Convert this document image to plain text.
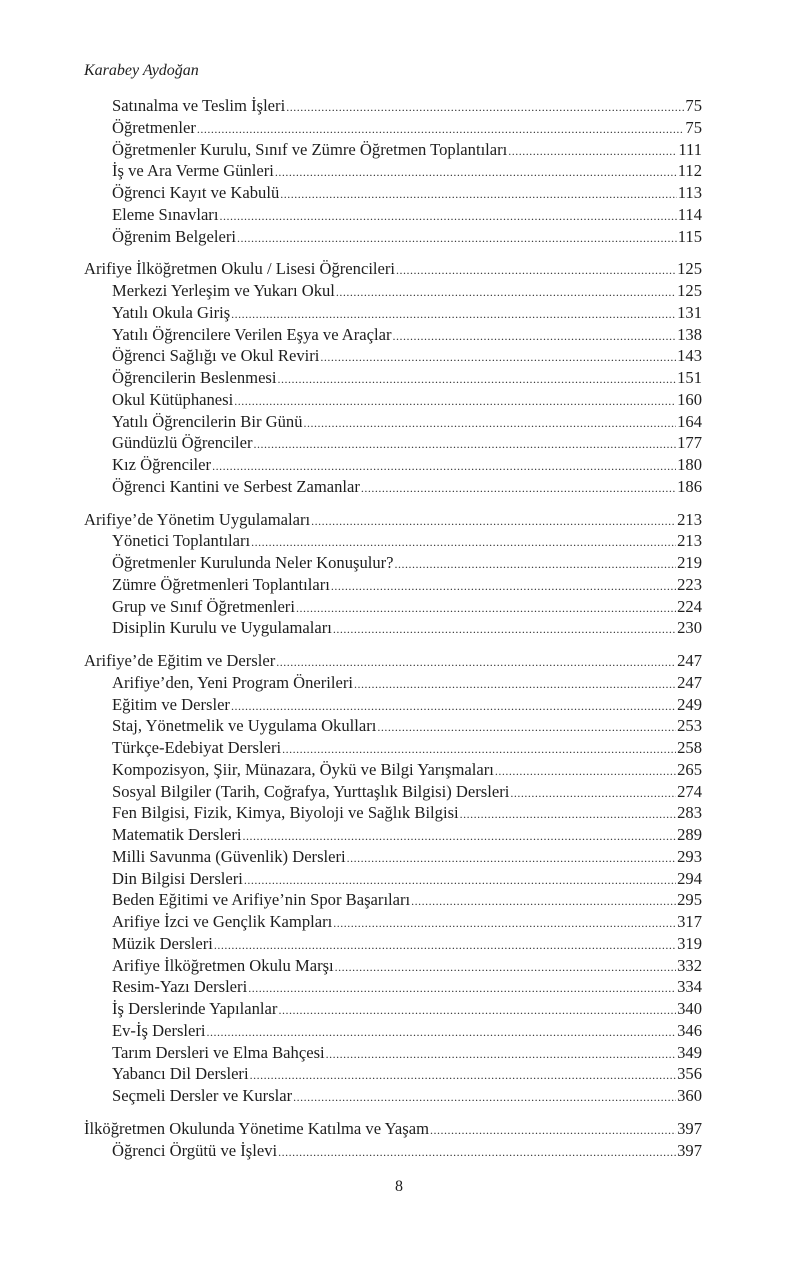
Karabey Aydoğan
Satınalma ve Teslim İşleri .....	75
Öğretmenler .....	75
Öğretmenler Kurulu, Sınıf ve Zümre Öğretmen Toplantıları .....	111
İş ve Ara Verme Günleri .....	112
Öğrenci Kayıt ve Kabulü .....	113
Eleme Sınavları .....	114
Öğrenim Belgeleri .....	115
Arifiye İlköğretmen Okulu / Lisesi Öğrencileri .....	125
Merkezi Yerleşim ve Yukarı Okul .....	125
Yatılı Okula Giriş .....	131
Yatılı Öğrencilere Verilen Eşya ve Araçlar .....	138
Öğrenci Sağlığı ve Okul Reviri .....	143
Öğrencilerin Beslenmesi .....	151
Okul Kütüphanesi .....	160
Yatılı Öğrencilerin Bir Günü .....	164
Gündüzlü Öğrenciler .....	177
Kız Öğrenciler .....	180
Öğrenci Kantini ve Serbest Zamanlar .....	186
Arifiye’de Yönetim Uygulamaları .....	213
Yönetici Toplantıları .....	213
Öğretmenler Kurulunda Neler Konuşulur? .....	219
Zümre Öğretmenleri Toplantıları .....	223
Grup ve Sınıf Öğretmenleri .....	224
Disiplin Kurulu ve Uygulamaları .....	230
Arifiye’de Eğitim ve Dersler .....	247
Arifiye’den, Yeni Program Önerileri .....	247
Eğitim ve Dersler .....	249
Staj, Yönetmelik ve Uygulama Okulları .....	253
Türkçe-Edebiyat Dersleri .....	258
Kompozisyon, Şiir, Münazara, Öykü ve Bilgi Yarışmaları .....	265
Sosyal Bilgiler (Tarih, Coğrafya, Yurttaşlık Bilgisi) Dersleri .....	274
Fen Bilgisi, Fizik, Kimya, Biyoloji ve Sağlık Bilgisi .....	283
Matematik Dersleri .....	289
Milli Savunma (Güvenlik) Dersleri .....	293
Din Bilgisi Dersleri .....	294
Beden Eğitimi ve Arifiye’nin Spor Başarıları .....	295
Arifiye İzci ve Gençlik Kampları .....	317
Müzik Dersleri .....	319
Arifiye İlköğretmen Okulu Marşı .....	332
Resim-Yazı Dersleri .....	334
İş Derslerinde Yapılanlar .....	340
Ev-İş Dersleri .....	346
Tarım Dersleri ve Elma Bahçesi .....	349
Yabancı Dil Dersleri .....	356
Seçmeli Dersler ve Kurslar .....	360
İlköğretmen Okulunda Yönetime Katılma ve Yaşam .....	397
Öğrenci Örgütü ve İşlevi .....	397
8
